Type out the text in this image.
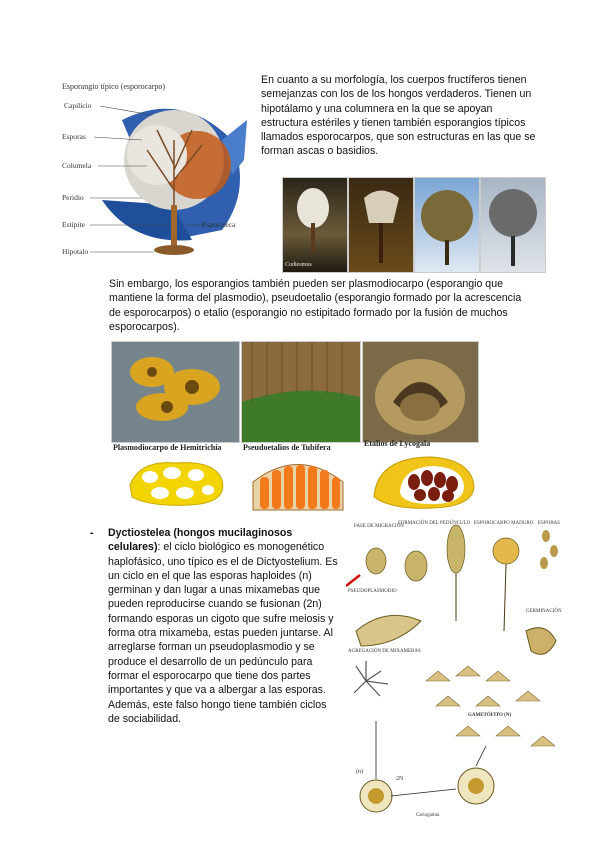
Esporangio típico (esporocarpo)
Capilicio
Esporas
Columela
Peridio
Estípite
Hipotalo
Esporoteca
En cuanto a su morfología, los cuerpos fructíferos tienen semejanzas con los de los hongos verdaderos. Tienen un hipotálamo y una columnera en la que se apoyan estructura estériles y tienen también esporangios típicos llamados esporocarpos, que son estructuras en las que se forman ascas o basidios.
Codiesmus
Sin embargo, los esporangios también pueden ser plasmodiocarpo (esporangio que mantiene la forma del plasmodio), pseudoetalio (esporangio formado por la acrescencia de esporocarpos) o etalio (esporangio no estipitado formado por la fusión de muchos esporocarpos).
Plasmodiocarpo de Hemitrichia	Pseudoetalios de Tubifera	Etalios de Lycogala
- Dyctiostelea (hongos mucilaginosos celulares): el ciclo biológico es monogenético haplofásico, uno típico es el de Dictyostelium. Es un ciclo en el que las esporas haploides (n) germinan y dan lugar a unas mixamebas que pueden reproducirse cuando se fusionan (2n) formando esporas un cigoto que sufre meiosis y forma otra mixameba, estas pueden juntarse. Al arreglarse forman un pseudoplasmodio y se produce el desarrollo de un pedúnculo para formar el esporocarpo que tiene dos partes importantes y que va a albergar a las esporas.
Además, este falso hongo tiene también ciclos de sociabilidad.
FASE DE MIGRACIÓN
FORMACIÓN DEL PEDÚNCULO ESPOROCARPO MADURO ESPORAS
PSEUDOPLASMODIO
GERMINACIÓN
AGREGACIÓN DE MIXAMEBAS
GAMETÓFITO (N)
(n)
2N
Cariogamia
